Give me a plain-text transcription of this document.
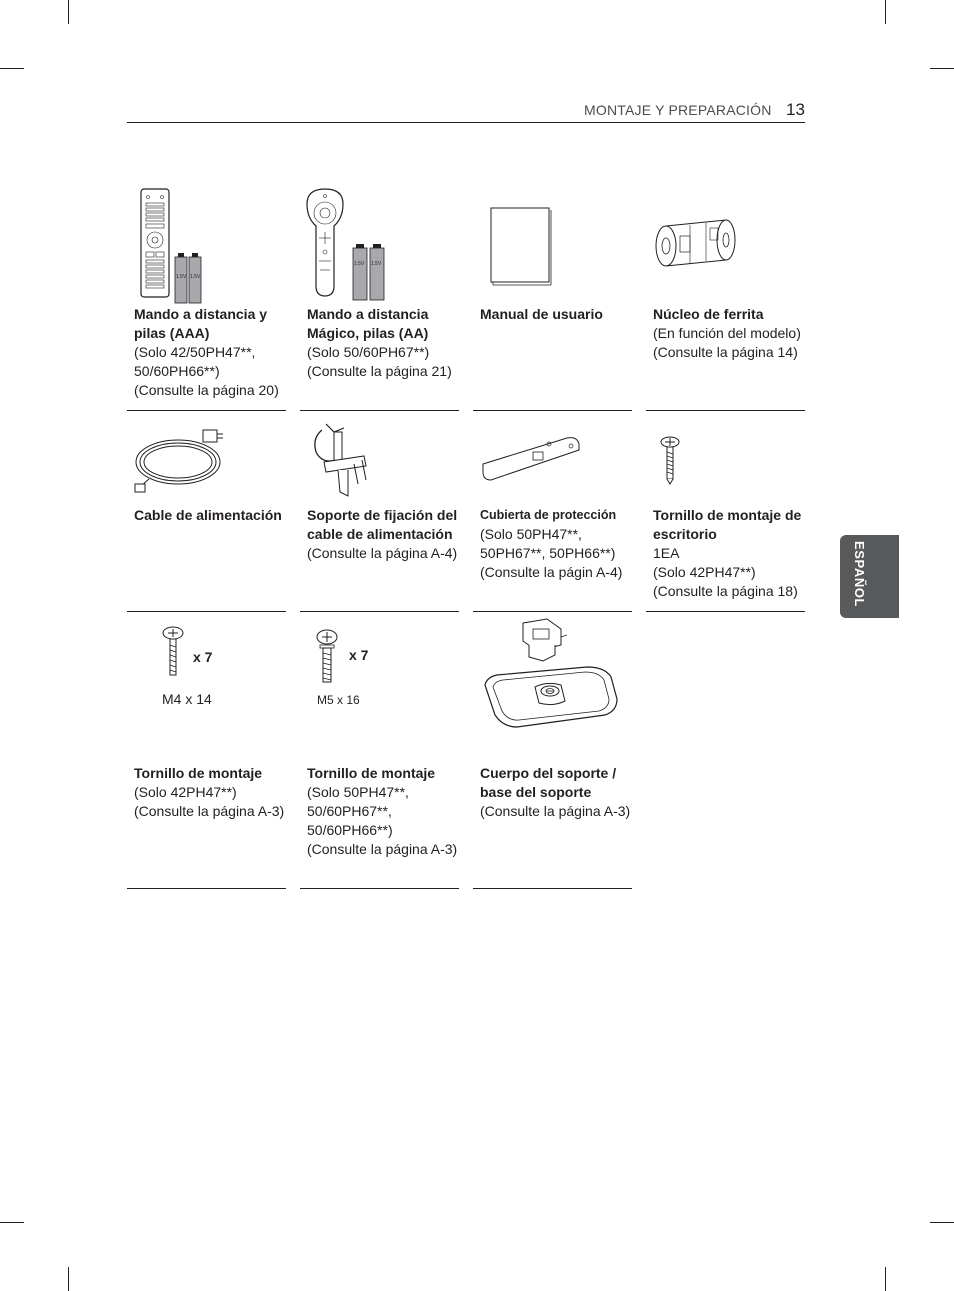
MONTAJE Y PREPARACIÓN 13
ESPAÑOL
1.5V 1.5V
Mando a distancia y pilas (AAA)
(Solo 42/50PH47**, 50/60PH66**)
(Consulte la página 20)
1.5V 1.5V
Mando a distancia Mágico, pilas (AA)
(Solo 50/60PH67**)
(Consulte la página 21)
Manual de usuario	Núcleo de ferrita
(En función del modelo)
(Consulte la página 14)
Cable de alimentación	Soporte de fijación del cable de alimentación
(Consulte la página A-4)
Cubierta de protección
(Solo 50PH47**, 50PH67**, 50PH66**)
(Consulte la págin A-4)
Tornillo de montaje de escritorio
1EA
(Solo 42PH47**)
(Consulte la página 18)
x 7
M4 x 14
Tornillo de montaje
(Solo 42PH47**)
(Consulte la página A-3)
x 7
M5 x 16
Tornillo de montaje
(Solo 50PH47**, 50/60PH67**, 50/60PH66**)
(Consulte la página A-3)
Cuerpo del soporte / base del soporte
(Consulte la página A-3)
